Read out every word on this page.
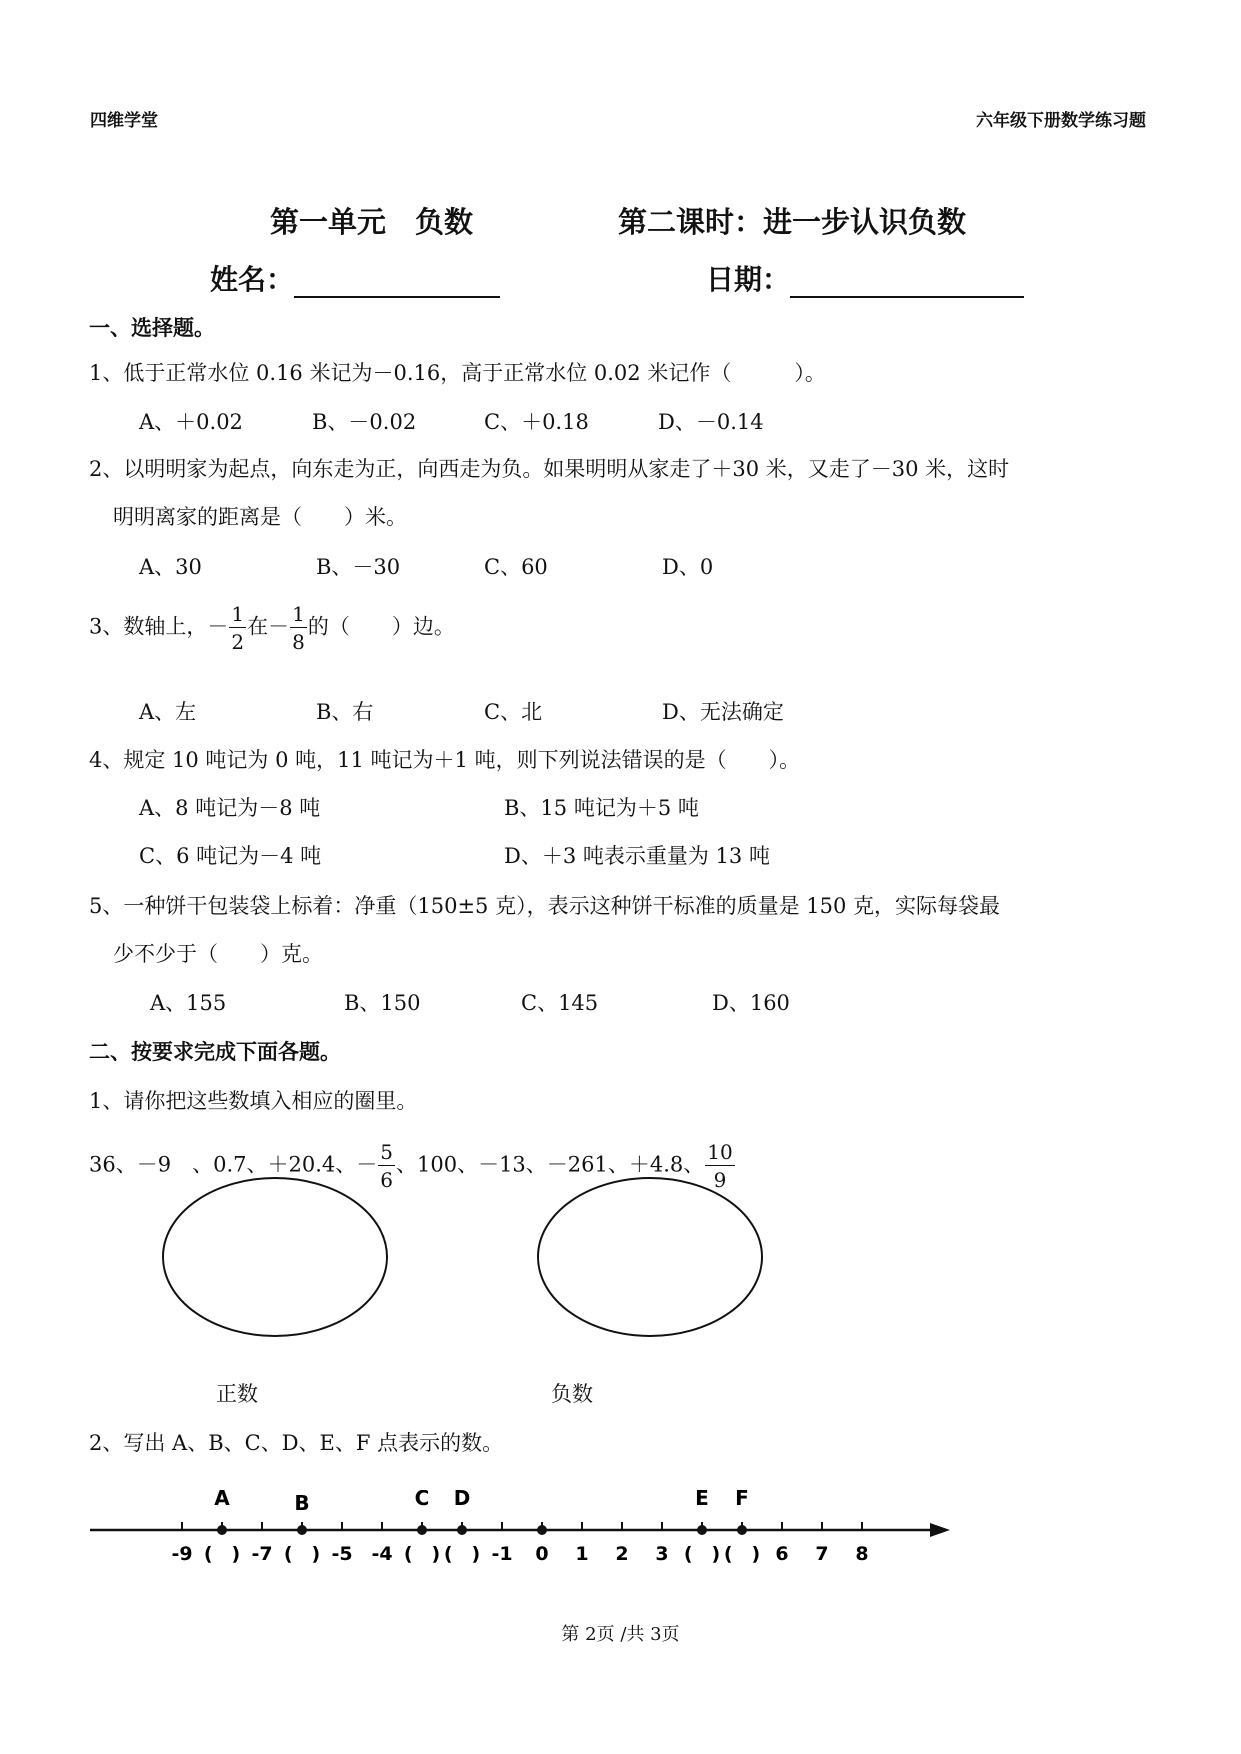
四维学堂	六年级下册数学练习题
第一单元　负数	第二课时：进一步认识负数
姓名：	日期：
一、选择题。
1、低于正常水位 0.16 米记为－0.16，高于正常水位 0.02 米记作（　　　）。
A、＋0.02	B、－0.02	C、＋0.18	D、－0.14
2、以明明家为起点，向东走为正，向西走为负。如果明明从家走了＋30 米，又走了－30 米，这时
明明离家的距离是（　　）米。
A、30	B、－30	C、60	D、0
3、数轴上，－ $\frac{1}{2}$ 在－ $\frac{1}{8}$ 的（　　）边。
A、左	B、右	C、北	D、无法确定
4、规定 10 吨记为 0 吨，11 吨记为＋1 吨，则下列说法错误的是（　　）。
A、8 吨记为－8 吨	B、15 吨记为＋5 吨
C、6 吨记为－4 吨	D、＋3 吨表示重量为 13 吨
5、一种饼干包装袋上标着：净重（150±5 克），表示这种饼干标准的质量是 150 克，实际每袋最
少不少于（　　）克。
A、155	B、150	C、145	D、160
二、按要求完成下面各题。
1、请你把这些数填入相应的圈里。
36、－9　、0.7、＋20.4、－ $\frac{5}{6}$ 、100、－13、－261、＋4.8、 $\frac{10}{9}$
正数	负数
2、写出 A、B、C、D、E、F 点表示的数。
A	B	C D	E F
-9 (　) -7 (　) -5 -4 (　) (　) -1 0 1 2 3 (　) (　) 6 7 8
第 2页 /共 3页
